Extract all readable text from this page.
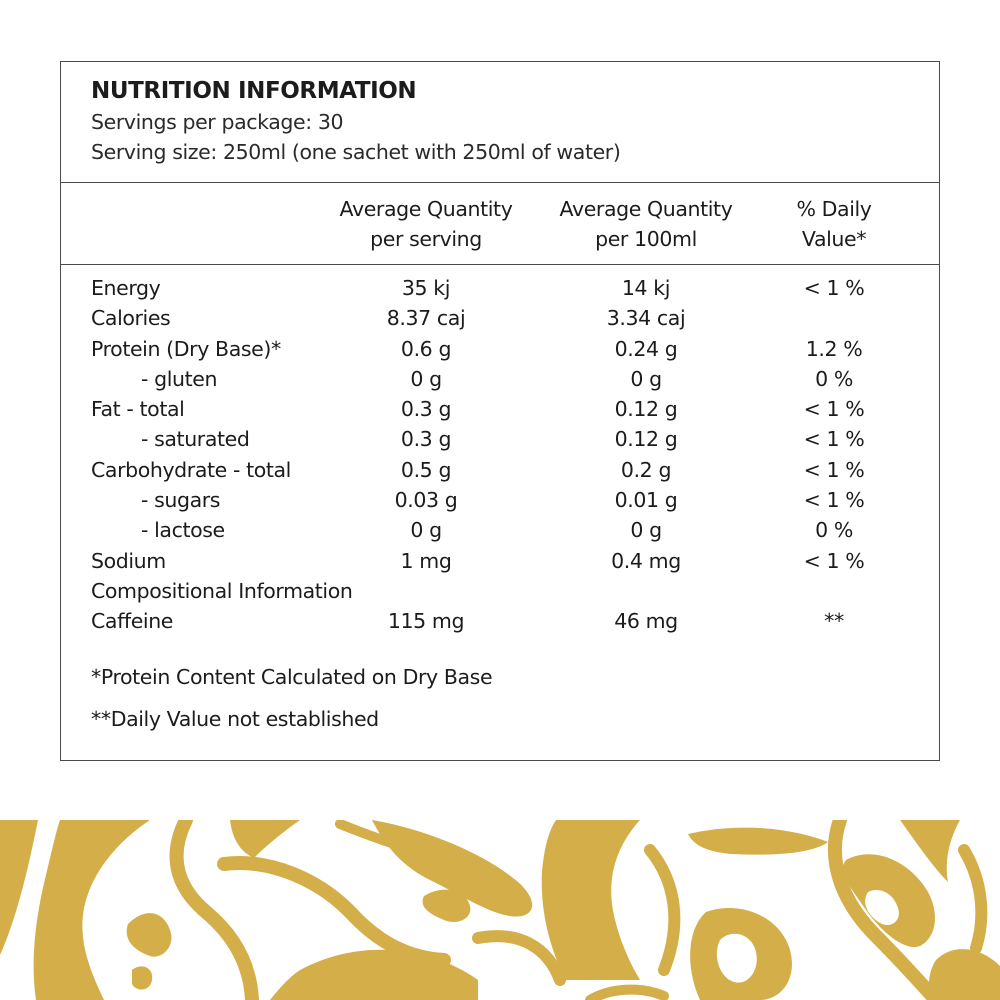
NUTRITION INFORMATION
Servings per package: 30
Serving size: 250ml (one sachet with 250ml of water)
Average Quantity
per serving
Average Quantity
per 100ml
% Daily
Value*
Energy	35 kj	14 kj	< 1 %
Calories	8.37 caj	3.34 caj
Protein (Dry Base)*	0.6 g	0.24 g	1.2 %
- gluten	0 g	0 g	0 %
Fat - total	0.3 g	0.12 g	< 1 %
- saturated	0.3 g	0.12 g	< 1 %
Carbohydrate - total	0.5 g	0.2 g	< 1 %
- sugars	0.03 g	0.01 g	< 1 %
- lactose	0 g	0 g	0 %
Sodium	1 mg	0.4 mg	< 1 %
Compositional Information
Caffeine	115 mg	46 mg	**
*Protein Content Calculated on Dry Base
**Daily Value not established
